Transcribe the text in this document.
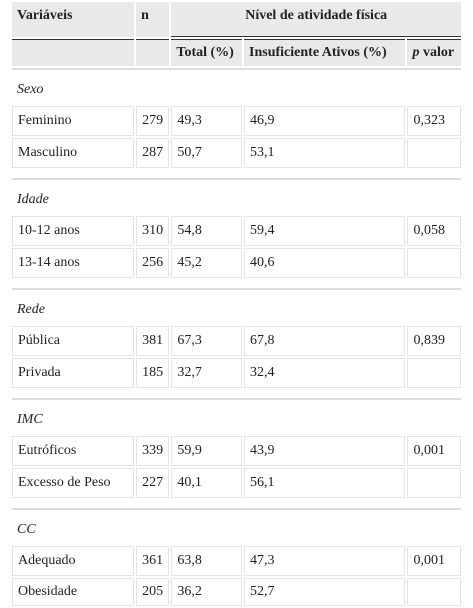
Variáveis	n	Nível de atividade física		
		Total (%)	Insuficiente Ativos (%)	p valor
Sexo				
Feminino	279	49,3	46,9	0,323
Masculino	287	50,7	53,1	

Idade				
10-12 anos	310	54,8	59,4	0,058
13-14 anos	256	45,2	40,6	

Rede				
Pública	381	67,3	67,8	0,839
Privada	185	32,7	32,4	

IMC				
Eutróficos	339	59,9	43,9	0,001
Excesso de Peso	227	40,1	56,1	

CC				
Adequado	361	63,8	47,3	0,001
Obesidade	205	36,2	52,7	
